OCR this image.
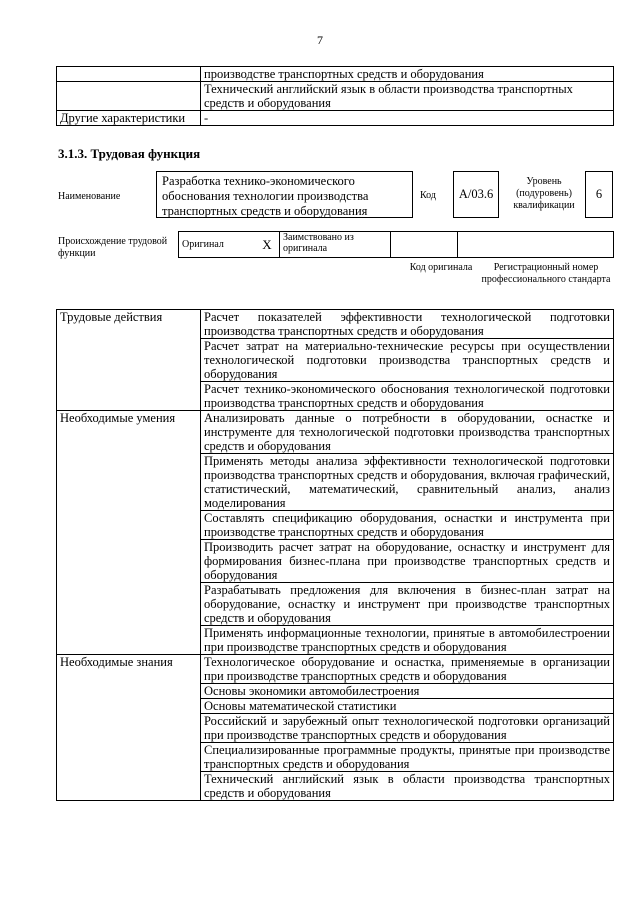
7
	производстве транспортных средств и оборудования
	Технический английский язык в области производства транспортных средств и оборудования
Другие характеристики	-
3.1.3. Трудовая функция
Наименование
Разработка технико-экономического обоснования технологии производства транспортных средств и оборудования
Код	А/03.6
Уровень (подуровень) квалификации
6
Происхождение трудовой функции
Оригинал	X	Заимствовано из оригинала		
Код оригинала	Регистрационный номер профессионального стандарта
Трудовые действия	Расчет показателей эффективности технологической подготовки производства транспортных средств и оборудования
	Расчет затрат на материально-технические ресурсы при осуществлении технологической подготовки производства транспортных средств и оборудования
	Расчет технико-экономического обоснования технологической подготовки производства транспортных средств и оборудования
Необходимые умения	Анализировать данные о потребности в оборудовании, оснастке и инструменте для технологической подготовки производства транспортных средств и оборудования
	Применять методы анализа эффективности технологической подготовки производства транспортных средств и оборудования, включая графический, статистический, математический, сравнительный анализ, анализ моделирования
	Составлять спецификацию оборудования, оснастки и инструмента при производстве транспортных средств и оборудования
	Производить расчет затрат на оборудование, оснастку и инструмент для формирования бизнес-плана при производстве транспортных средств и оборудования
	Разрабатывать предложения для включения в бизнес-план затрат на оборудование, оснастку и инструмент при производстве транспортных средств и оборудования
	Применять информационные технологии, принятые в автомобилестроении при производстве транспортных средств и оборудования
Необходимые знания	Технологическое оборудование и оснастка, применяемые в организации при производстве транспортных средств и оборудования
	Основы экономики автомобилестроения
	Основы математической статистики
	Российский и зарубежный опыт технологической подготовки организаций при производстве транспортных средств и оборудования
	Специализированные программные продукты, принятые при производстве транспортных средств и оборудования
	Технический английский язык в области производства транспортных средств и оборудования
